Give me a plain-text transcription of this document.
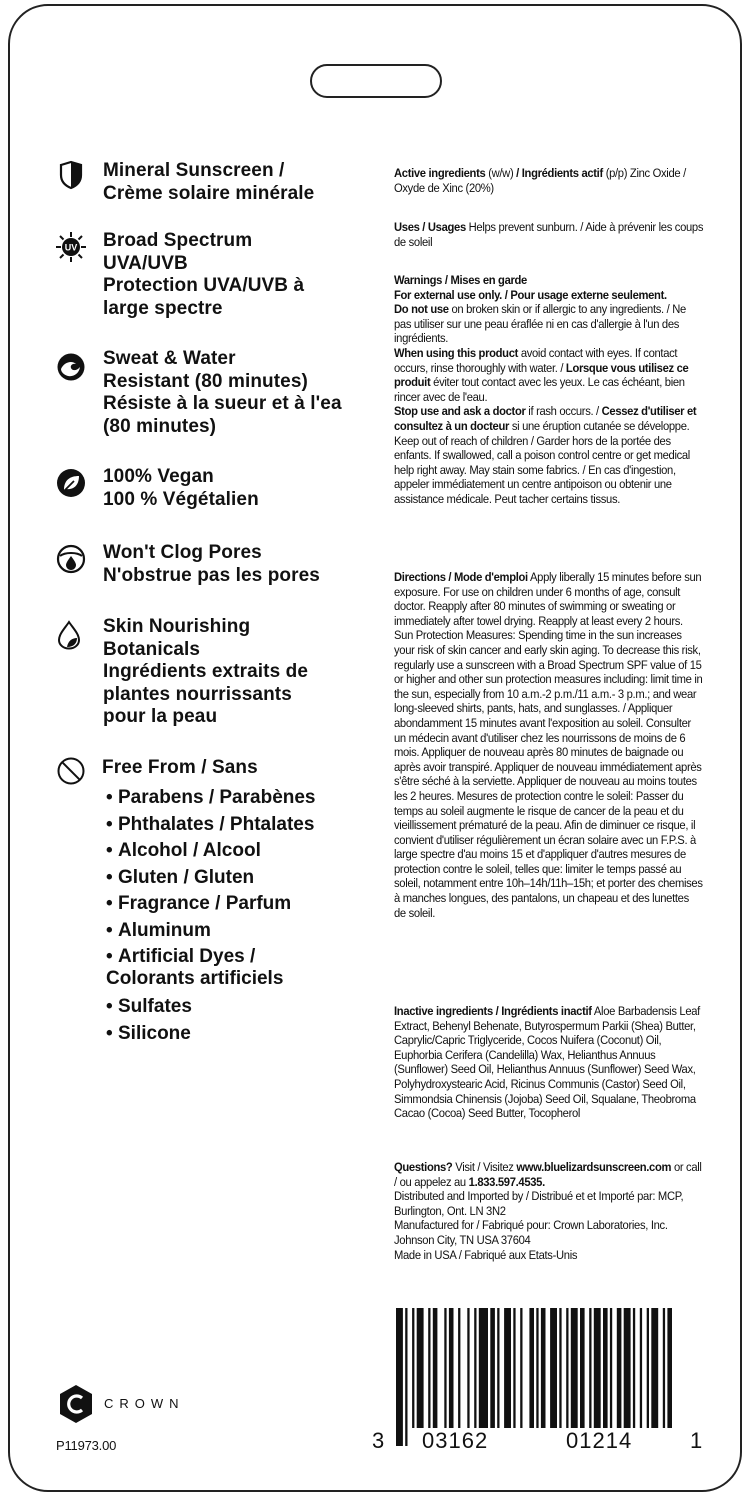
Mineral Sunscreen /
Crème solaire minérale
UV Broad Spectrum
UVA/UVB
Protection UVA/UVB à
large spectre
Sweat & Water
Resistant (80 minutes)
Résiste à la sueur et à l'ea
(80 minutes)
100% Vegan
100 % Végétalien
Won't Clog Pores
N'obstrue pas les pores
Skin Nourishing
Botanicals
Ingrédients extraits de
plantes nourrissants
pour la peau
Free From / Sans
• Parabens / Parabènes
• Phthalates / Phtalates
• Alcohol / Alcool
• Gluten / Gluten
• Fragrance / Parfum
• Aluminum
• Artificial Dyes /
Colorants artificiels
• Sulfates
• Silicone
Active ingredients (w/w) / Ingrédients actif (p/p) Zinc Oxide / Oxyde de Xinc (20%)
Uses / Usages Helps prevent sunburn. / Aide à prévenir les coups de soleil
Warnings / Mises en garde
For external use only. / Pour usage externe seulement.
Do not use on broken skin or if allergic to any ingredients. / Ne pas utiliser sur une peau éraflée ni en cas d'allergie à l'un des ingrédients.
When using this product avoid contact with eyes. If contact occurs, rinse thoroughly with water. / Lorsque vous utilisez ce produit éviter tout contact avec les yeux. Le cas échéant, bien rincer avec de l'eau.
Stop use and ask a doctor if rash occurs. / Cessez d'utiliser et consultez à un docteur si une éruption cutanée se développe. Keep out of reach of children / Garder hors de la portée des enfants. If swallowed, call a poison control centre or get medical help right away. May stain some fabrics. / En cas d'ingestion, appeler immédiatement un centre antipoison ou obtenir une assistance médicale. Peut tacher certains tissus.
Directions / Mode d'emploi Apply liberally 15 minutes before sun exposure. For use on children under 6 months of age, consult doctor. Reapply after 80 minutes of swimming or sweating or immediately after towel drying. Reapply at least every 2 hours. Sun Protection Measures: Spending time in the sun increases your risk of skin cancer and early skin aging. To decrease this risk, regularly use a sunscreen with a Broad Spectrum SPF value of 15 or higher and other sun protection measures including: limit time in the sun, especially from 10 a.m.-2 p.m./11 a.m.- 3 p.m.; and wear long-sleeved shirts, pants, hats, and sunglasses. / Appliquer abondamment 15 minutes avant l'exposition au soleil. Consulter un médecin avant d'utiliser chez les nourrissons de moins de 6 mois. Appliquer de nouveau après 80 minutes de baignade ou après avoir transpiré. Appliquer de nouveau immédiatement après s'être séché à la serviette. Appliquer de nouveau au moins toutes les 2 heures. Mesures de protection contre le soleil: Passer du temps au soleil augmente le risque de cancer de la peau et du vieillissement prématuré de la peau. Afin de diminuer ce risque, il convient d'utiliser régulièrement un écran solaire avec un F.P.S. à large spectre d'au moins 15 et d'appliquer d'autres mesures de protection contre le soleil, telles que: limiter le temps passé au soleil, notamment entre 10h–14h/11h–15h; et porter des chemises à manches longues, des pantalons, un chapeau et des lunettes de soleil.
Inactive ingredients / Ingrédients inactif Aloe Barbadensis Leaf Extract, Behenyl Behenate, Butyrospermum Parkii (Shea) Butter, Caprylic/Capric Triglyceride, Cocos Nuifera (Coconut) Oil, Euphorbia Cerifera (Candelilla) Wax, Helianthus Annuus (Sunflower) Seed Oil, Helianthus Annuus (Sunflower) Seed Wax, Polyhydroxystearic Acid, Ricinus Communis (Castor) Seed Oil, Simmondsia Chinensis (Jojoba) Seed Oil, Squalane, Theobroma Cacao (Cocoa) Seed Butter, Tocopherol
Questions? Visit / Visitez www.bluelizardsunscreen.com or call / ou appelez au 1.833.597.4535.
Distributed and Imported by / Distribué et et Importé par: MCP, Burlington, Ont. LN 3N2
Manufactured for / Fabriqué pour: Crown Laboratories, Inc. Johnson City, TN USA 37604
Made in USA / Fabriqué aux Etats-Unis
CROWN
P11973.00	3 03162	01214	1
